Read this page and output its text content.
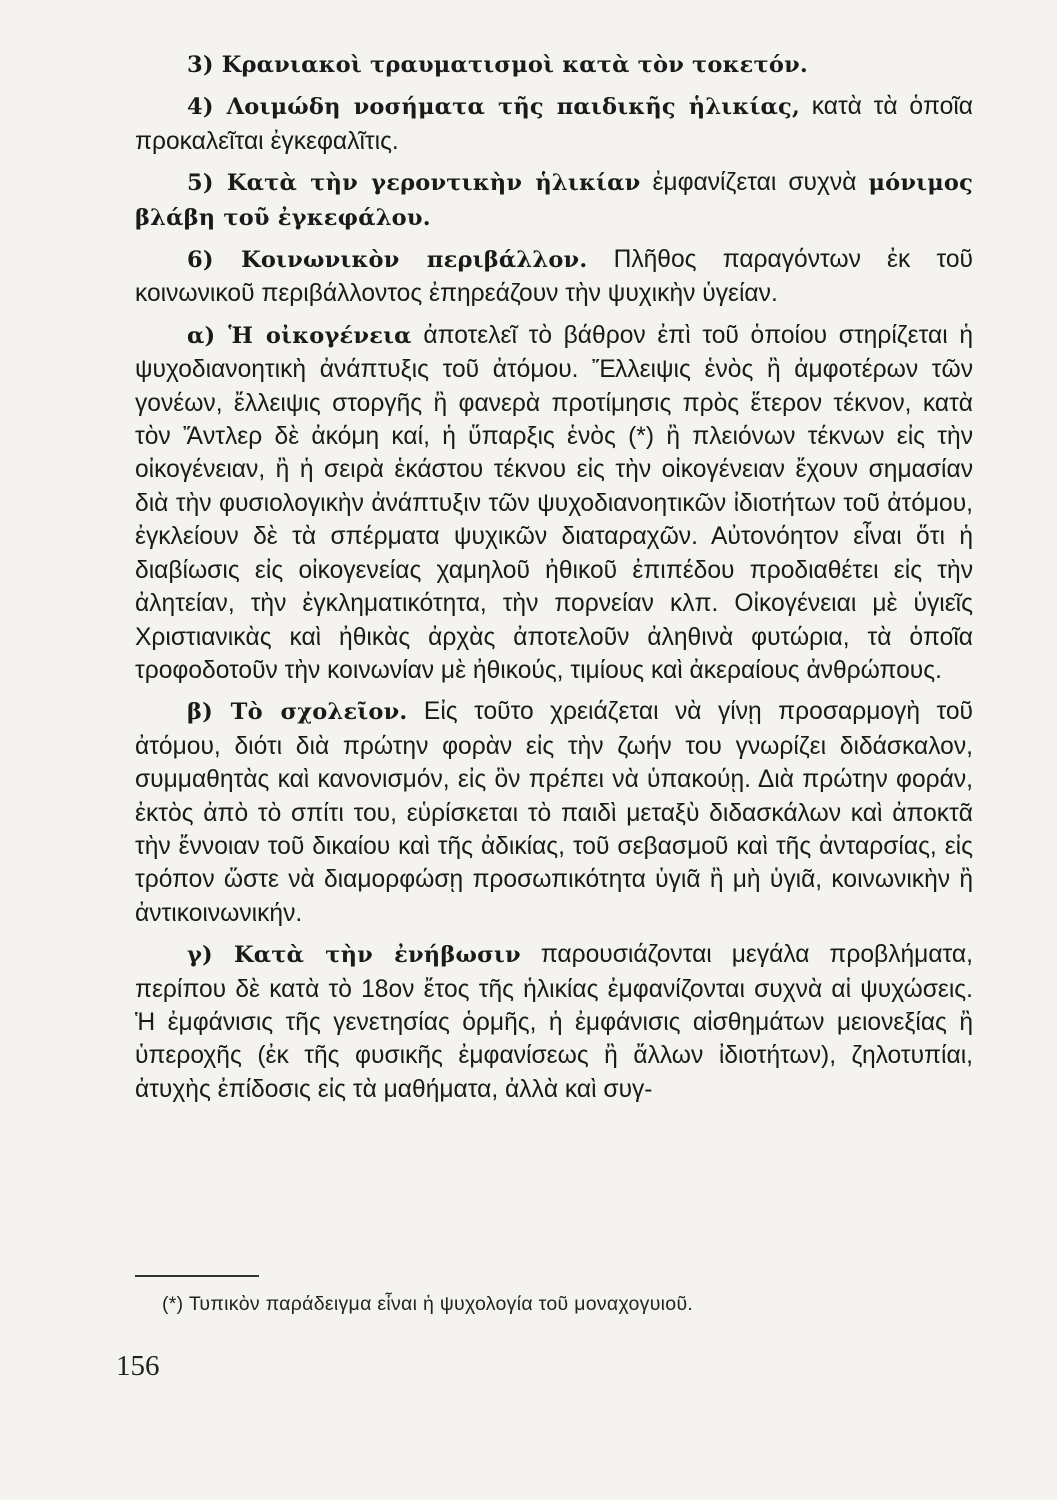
3) Κρανιακοὶ τραυματισμοὶ κατὰ τὸν τοκετόν.

4) Λοιμώδη νοσήματα τῆς παιδικῆς ἡλικίας, κατὰ τὰ ὁποῖα προκαλεῖται ἐγκεφαλῖτις.

5) Κατὰ τὴν γεροντικὴν ἡλικίαν ἐμφανίζεται συχνὰ μόνιμος βλάβη τοῦ ἐγκεφάλου.

6) Κοινωνικὸν περιβάλλον. Πλῆθος παραγόντων ἐκ τοῦ κοινωνικοῦ περιβάλλοντος ἐπηρεάζουν τὴν ψυχικὴν ὑγείαν.

α) Ἡ οἰκογένεια ἀποτελεῖ τὸ βάθρον ἐπὶ τοῦ ὁποίου στηρίζεται ἡ ψυχοδιανοητικὴ ἀνάπτυξις τοῦ ἀτόμου. Ἔλλειψις ἑνὸς ἢ ἀμφοτέρων τῶν γονέων, ἔλλειψις στοργῆς ἢ φανερὰ προτίμησις πρὸς ἕτερον τέκνον, κατὰ τὸν Ἄντλερ δὲ ἀκόμη καί, ἡ ὕπαρξις ἑνὸς (*) ἢ πλειόνων τέκνων εἰς τὴν οἰκογένειαν, ἢ ἡ σειρὰ ἑκάστου τέκνου εἰς τὴν οἰκογένειαν ἔχουν σημασίαν διὰ τὴν φυσιολογικὴν ἀνάπτυξιν τῶν ψυχοδιανοητικῶν ἰδιοτήτων τοῦ ἀτόμου, ἐγκλείουν δὲ τὰ σπέρματα ψυχικῶν διαταραχῶν. Αὐτονόητον εἶναι ὅτι ἡ διαβίωσις εἰς οἰκογενείας χαμηλοῦ ἠθικοῦ ἐπιπέδου προδιαθέτει εἰς τὴν ἀλητείαν, τὴν ἐγκληματικότητα, τὴν πορνείαν κλπ. Οἰκογένειαι μὲ ὑγιεῖς Χριστιανικὰς καὶ ἠθικὰς ἀρχὰς ἀποτελοῦν ἀληθινὰ φυτώρια, τὰ ὁποῖα τροφοδοτοῦν τὴν κοινωνίαν μὲ ἠθικούς, τιμίους καὶ ἀκεραίους ἀνθρώπους.

β) Τὸ σχολεῖον. Εἰς τοῦτο χρειάζεται νὰ γίνῃ προσαρμογὴ τοῦ ἀτόμου, διότι διὰ πρώτην φορὰν εἰς τὴν ζωήν του γνωρίζει διδάσκαλον, συμμαθητὰς καὶ κανονισμόν, εἰς ὃν πρέπει νὰ ὑπακούῃ. Διὰ πρώτην φοράν, ἐκτὸς ἀπὸ τὸ σπίτι του, εὑρίσκεται τὸ παιδὶ μεταξὺ διδασκάλων καὶ ἀποκτᾶ τὴν ἔννοιαν τοῦ δικαίου καὶ τῆς ἀδικίας, τοῦ σεβασμοῦ καὶ τῆς ἀνταρσίας, εἰς τρόπον ὥστε νὰ διαμορφώσῃ προσωπικότητα ὑγιᾶ ἢ μὴ ὑγιᾶ, κοινωνικὴν ἢ ἀντικοινωνικήν.

γ) Κατὰ τὴν ἐνήβωσιν παρουσιάζονται μεγάλα προβλήματα, περίπου δὲ κατὰ τὸ 18ον ἔτος τῆς ἡλικίας ἐμφανίζονται συχνὰ αἱ ψυχώσεις. Ἡ ἐμφάνισις τῆς γενετησίας ὁρμῆς, ἡ ἐμφάνισις αἰσθημάτων μειονεξίας ἢ ὑπεροχῆς (ἐκ τῆς φυσικῆς ἐμφανίσεως ἢ ἄλλων ἰδιοτήτων), ζηλοτυπίαι, ἀτυχὴς ἐπίδοσις εἰς τὰ μαθήματα, ἀλλὰ καὶ συγ-

(*) Τυπικὸν παράδειγμα εἶναι ἡ ψυχολογία τοῦ μοναχογυιοῦ.
156
